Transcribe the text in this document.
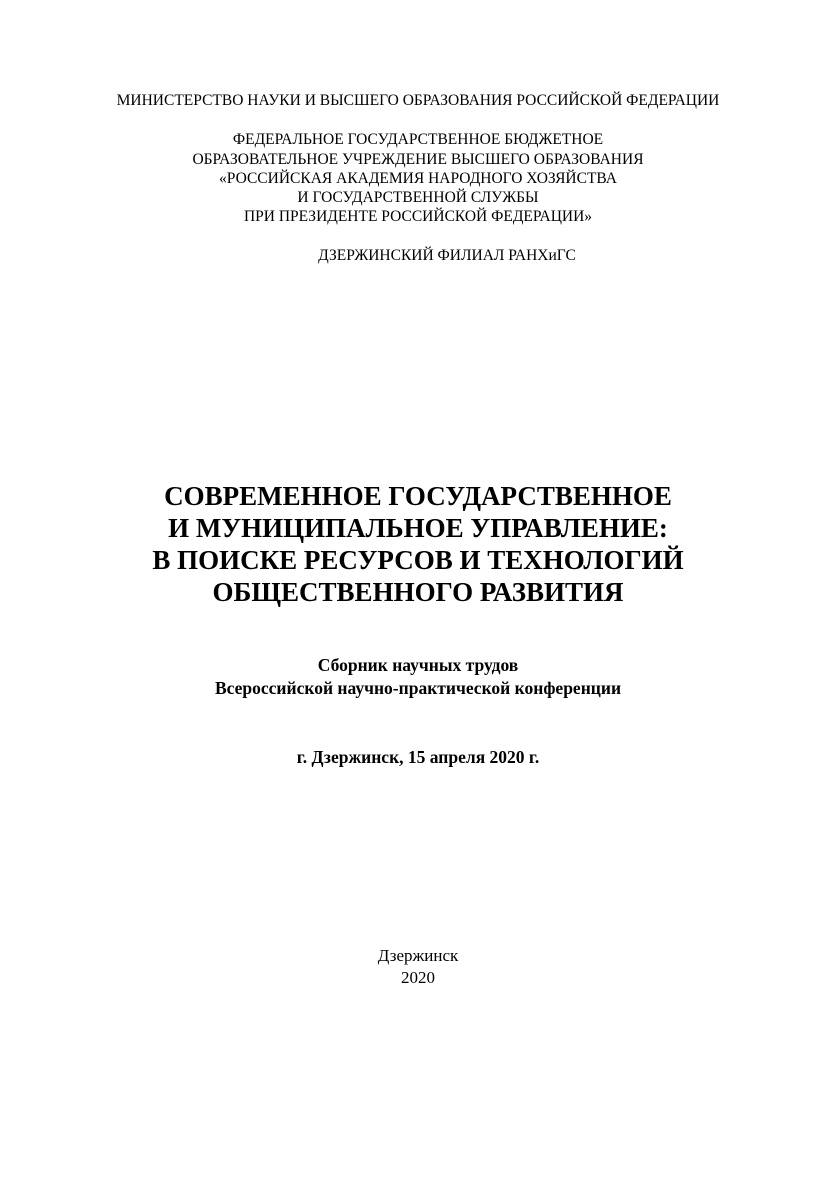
МИНИСТЕРСТВО НАУКИ И ВЫСШЕГО ОБРАЗОВАНИЯ РОССИЙСКОЙ ФЕДЕРАЦИИ
ФЕДЕРАЛЬНОЕ ГОСУДАРСТВЕННОЕ БЮДЖЕТНОЕ
ОБРАЗОВАТЕЛЬНОЕ УЧРЕЖДЕНИЕ ВЫСШЕГО ОБРАЗОВАНИЯ
«РОССИЙСКАЯ АКАДЕМИЯ НАРОДНОГО ХОЗЯЙСТВА
И ГОСУДАРСТВЕННОЙ СЛУЖБЫ
ПРИ ПРЕЗИДЕНТЕ РОССИЙСКОЙ ФЕДЕРАЦИИ»
ДЗЕРЖИНСКИЙ ФИЛИАЛ РАНХиГС
СОВРЕМЕННОЕ ГОСУДАРСТВЕННОЕ
И МУНИЦИПАЛЬНОЕ УПРАВЛЕНИЕ:
В ПОИСКЕ РЕСУРСОВ И ТЕХНОЛОГИЙ
ОБЩЕСТВЕННОГО РАЗВИТИЯ
Сборник научных трудов
Всероссийской научно-практической конференции
г. Дзержинск, 15 апреля 2020 г.
Дзержинск
2020
